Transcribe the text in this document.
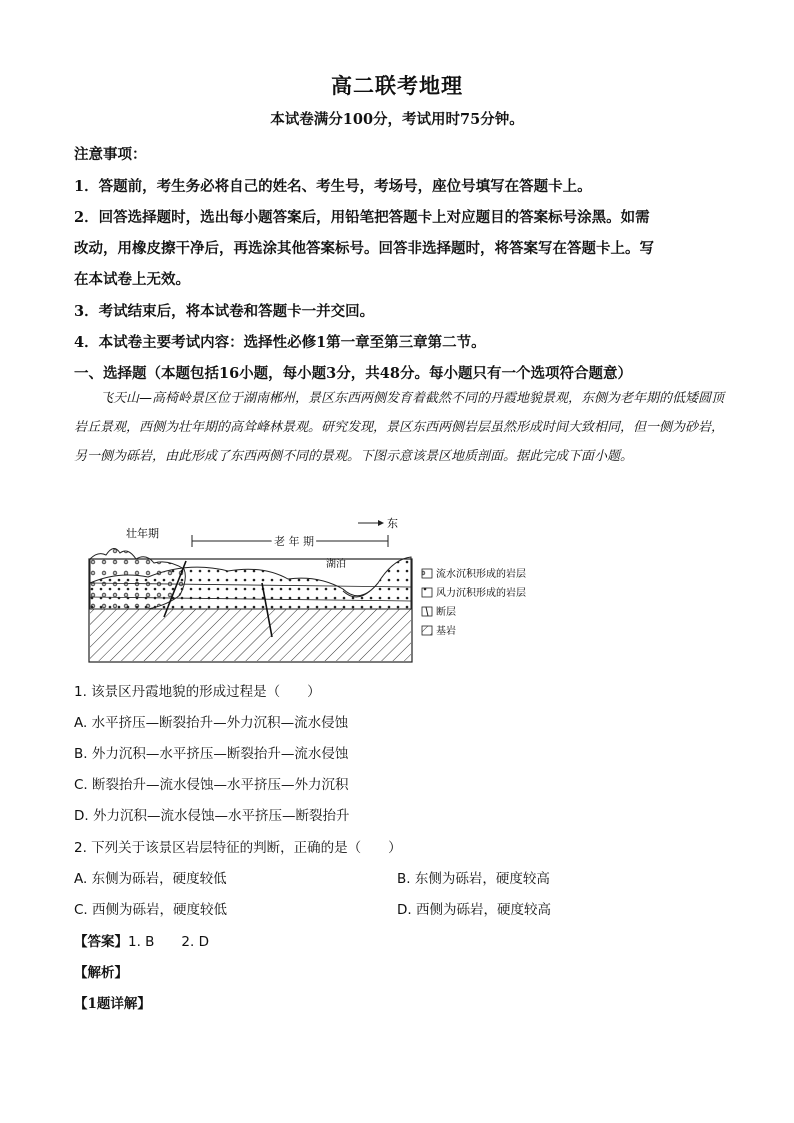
高二联考地理
本试卷满分100分，考试用时75分钟。
注意事项：
1．答题前，考生务必将自己的姓名、考生号，考场号，座位号填写在答题卡上。
2．回答选择题时，选出每小题答案后，用铅笔把答题卡上对应题目的答案标号涂黑。如需
改动，用橡皮擦干净后，再选涂其他答案标号。回答非选择题时，将答案写在答题卡上。写
在本试卷上无效。
3．考试结束后，将本试卷和答题卡一并交回。
4．本试卷主要考试内容：选择性必修1第一章至第三章第二节。
一、选择题（本题包括16小题，每小题3分，共48分。每小题只有一个选项符合题意）

飞天山—高椅岭景区位于湖南郴州，景区东西两侧发育着截然不同的丹霞地貌景观，东侧为老年期的低矮圆顶岩丘景观，西侧为壮年期的高耸峰林景观。研究发现，景区东西两侧岩层虽然形成时间大致相同，但一侧为砂岩，另一侧为砾岩，由此形成了东西两侧不同的景观。下图示意该景区地质剖面。据此完成下面小题。

壮年期
老 年 期
东
湖泊
流水沉积形成的岩层
风力沉积形成的岩层
断层
基岩
1. 该景区丹霞地貌的形成过程是（　　）
A. 水平挤压—断裂抬升—外力沉积—流水侵蚀
B. 外力沉积—水平挤压—断裂抬升—流水侵蚀
C. 断裂抬升—流水侵蚀—水平挤压—外力沉积
D. 外力沉积—流水侵蚀—水平挤压—断裂抬升
2. 下列关于该景区岩层特征的判断，正确的是（　　）
A. 东侧为砾岩，硬度较低	B. 东侧为砾岩，硬度较高
C. 西侧为砾岩，硬度较低	D. 西侧为砾岩，硬度较高
【答案】1. B　　2. D
【解析】
【1题详解】
